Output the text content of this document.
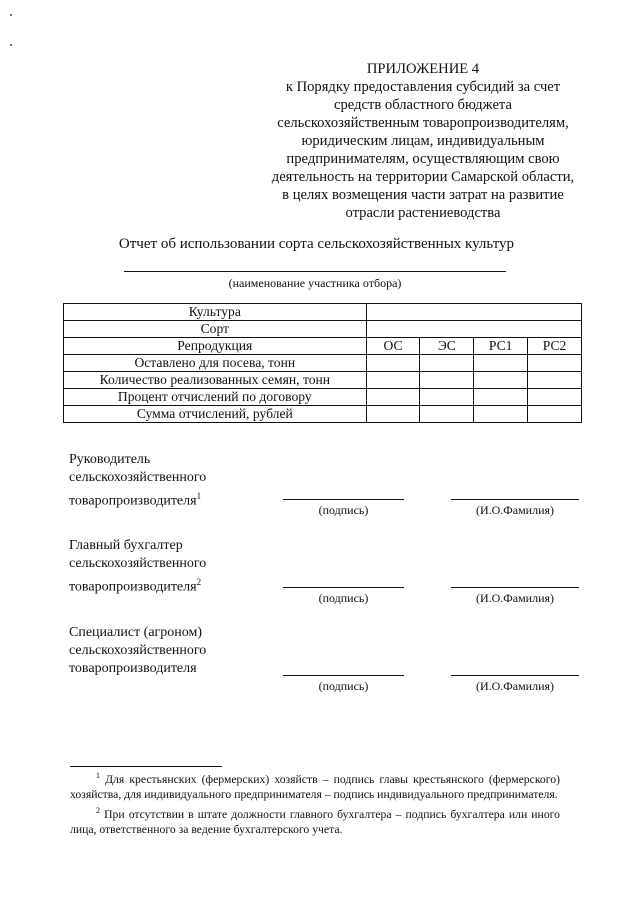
ПРИЛОЖЕНИЕ 4
к Порядку предоставления субсидий за счет
средств областного бюджета
сельскохозяйственным товаропроизводителям,
юридическим лицам, индивидуальным
предпринимателям, осуществляющим свою
деятельность на территории Самарской области,
в целях возмещения части затрат на развитие
отрасли растениеводства
Отчет об использовании сорта сельскохозяйственных культур
(наименование участника отбора)
Культура				
Сорт				
Репродукция	ОС	ЭС	РС1	РС2
Оставлено для посева, тонн				
Количество реализованных семян, тонн				
Процент отчислений по договору				
Сумма отчислений, рублей				
Руководитель
сельскохозяйственного
товаропроизводителя$^1$
(подпись)	(И.О.Фамилия)
Главный бухгалтер
сельскохозяйственного
товаропроизводителя$^2$
(подпись)	(И.О.Фамилия)
Специалист (агроном)
сельскохозяйственного
товаропроизводителя
(подпись)	(И.О.Фамилия)

$^1$ Для крестьянских (фермерских) хозяйств – подпись главы крестьянского (фермерского) хозяйства, для индивидуального предпринимателя – подпись индивидуального предпринимателя.

$^2$ При отсутствии в штате должности главного бухгалтера – подпись бухгалтера или иного лица, ответственного за ведение бухгалтерского учета.
